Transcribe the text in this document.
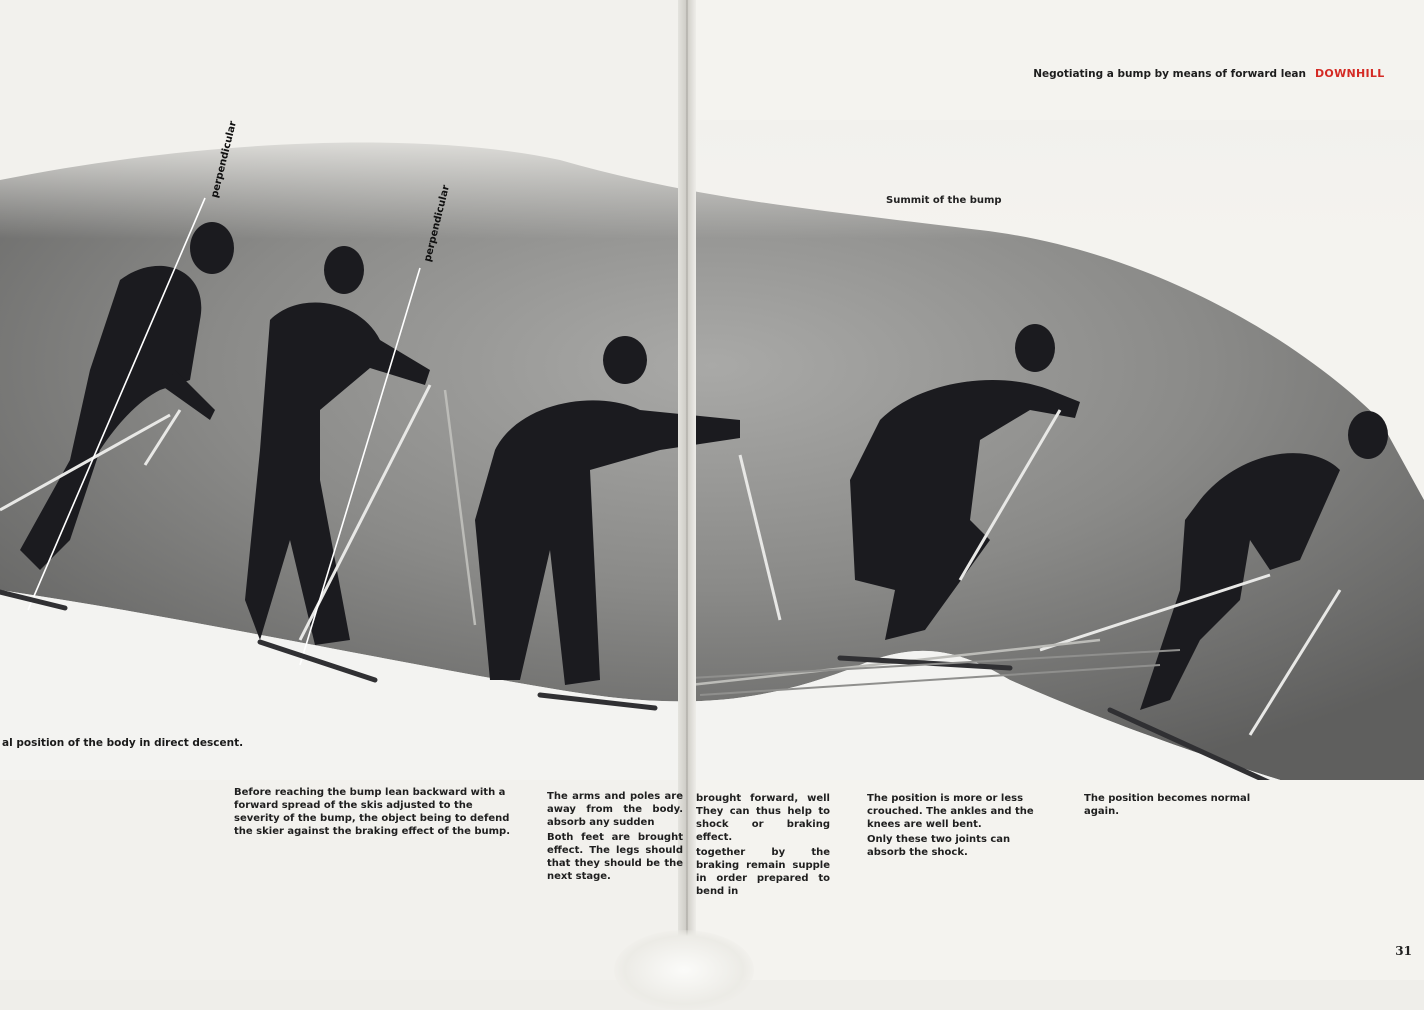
Negotiating a bump by means of forward lean DOWNHILL
perpendicular
perpendicular	Summit of the bump
al position of the body in direct descent.

Before reaching the bump lean backward with a forward spread of the skis adjusted to the severity of the bump, the object being to defend the skier against the braking effect of the bump.

The arms and poles are away from the body. absorb any sudden

Both feet are brought effect. The legs should that they should be the next stage.

brought forward, well They can thus help to shock or braking effect.

together by the braking remain supple in order prepared to bend in

The position is more or less crouched. The ankles and the knees are well bent.

Only these two joints can absorb the shock.

The position becomes normal again.

31
